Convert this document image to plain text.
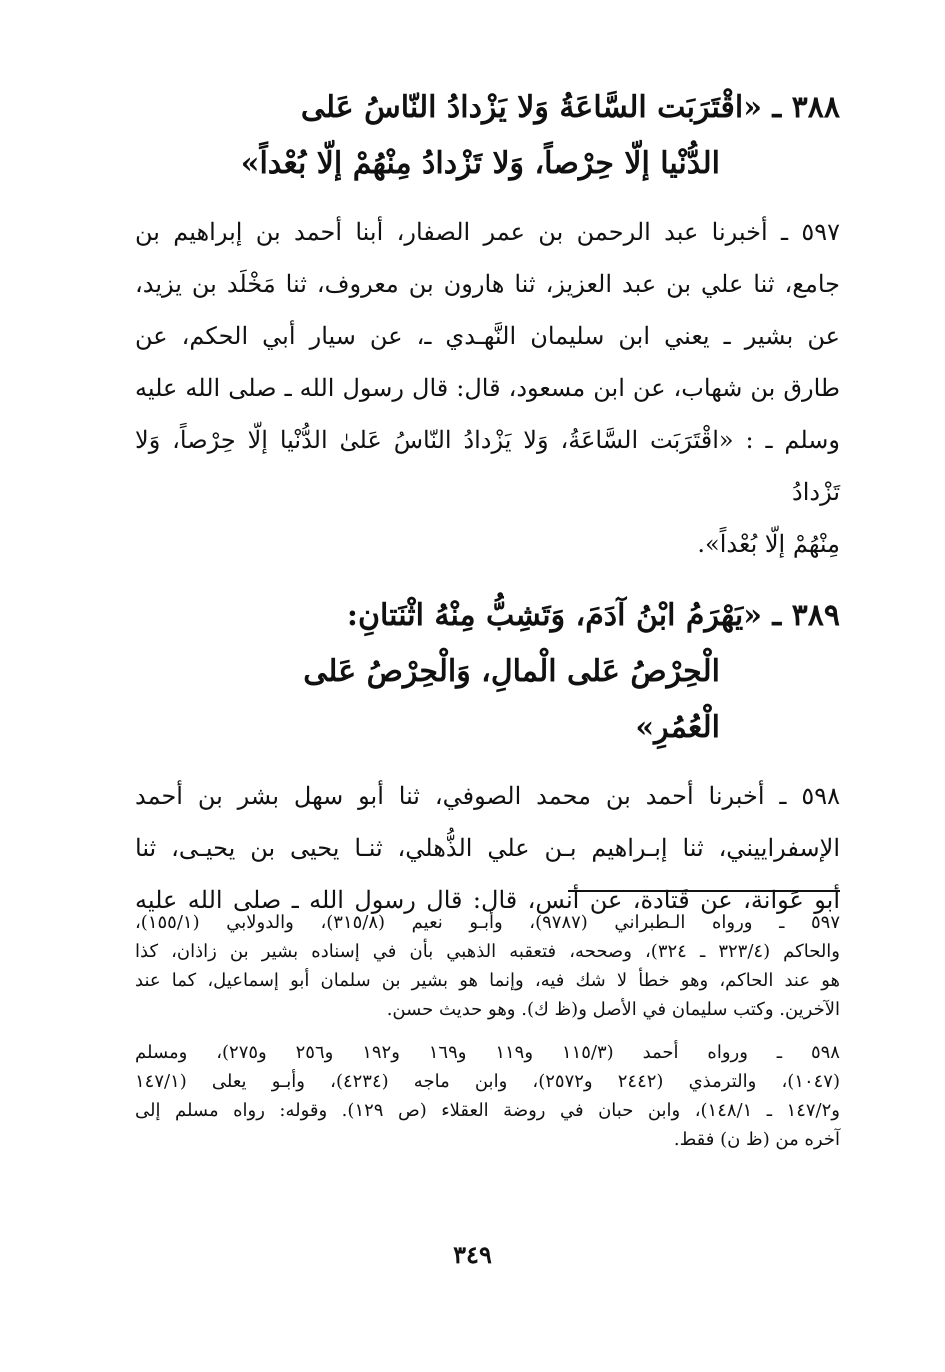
٣٨٨ ـ «اقْتَرَبَت السَّاعَةُ وَلا يَزْدادُ النّاسُ عَلى
الدُّنْيا إلّا حِرْصاً، وَلا تَزْدادُ مِنْهُمْ إلّا بُعْداً»
٥٩٧ ـ أخبرنا عبد الرحمن بن عمر الصفار، أبنا أحمد بن إبراهيم بن
جامع، ثنا علي بن عبد العزيز، ثنا هارون بن معروف، ثنا مَخْلَد بن يزيد،
عن بشير ـ يعني ابن سليمان النَّهـدي ـ، عن سيار أبي الحكم، عن
طارق بن شهاب، عن ابن مسعود، قال: قال رسول الله ـ صلى الله عليه
وسلم ـ : «اقْتَرَبَت السَّاعَةُ، وَلا يَزْدادُ النّاسُ عَلىٰ الدُّنْيا إلّا حِرْصاً، وَلا تَزْدادُ
مِنْهُمْ إلّا بُعْداً».
٣٨٩ ـ «يَهْرَمُ ابْنُ آدَمَ، وَتَشِبُّ مِنْهُ اثْنَتانِ:
الْحِرْصُ عَلى الْمالِ، وَالْحِرْصُ عَلى
الْعُمُرِ»
٥٩٨ ـ أخبرنا أحمد بن محمد الصوفي، ثنا أبو سهل بشر بن أحمد
الإسفراييني، ثنا إبـراهيم بـن علي الذُّهلي، ثنـا يحيى بن يحيـى، ثنا
أبو عَوانة، عن قَتادة، عن أنس، قال: قال رسول الله ـ صلى الله عليه
٥٩٧ ـ ورواه الـطبراني (٩٧٨٧)، وأبـو نعيم (٣١٥/٨)، والدولابي (١٥٥/١)،
والحاكم (٣٢٣/٤ ـ ٣٢٤)، وصححه، فتعقبه الذهبي بأن في إسناده بشير بن زاذان، كذا
هو عند الحاكم، وهو خطأ لا شك فيه، وإنما هو بشير بن سلمان أبو إسماعيل، كما عند
الآخرين. وكتب سليمان في الأصل و(ظ ك). وهو حديث حسن.
٥٩٨ ـ ورواه أحمد (١١٥/٣ و١١٩ و١٦٩ و١٩٢ و٢٥٦ و٢٧٥)، ومسلم
(١٠٤٧)، والترمذي (٢٤٤٢ و٢٥٧٢)، وابن ماجه (٤٢٣٤)، وأبـو يعلى (١٤٧/١
و١٤٧/٢ ـ ١٤٨/١)، وابن حبان في روضة العقلاء (ص ١٢٩). وقوله: رواه مسلم إلى
آخره من (ظ ن) فقط.
٣٤٩
